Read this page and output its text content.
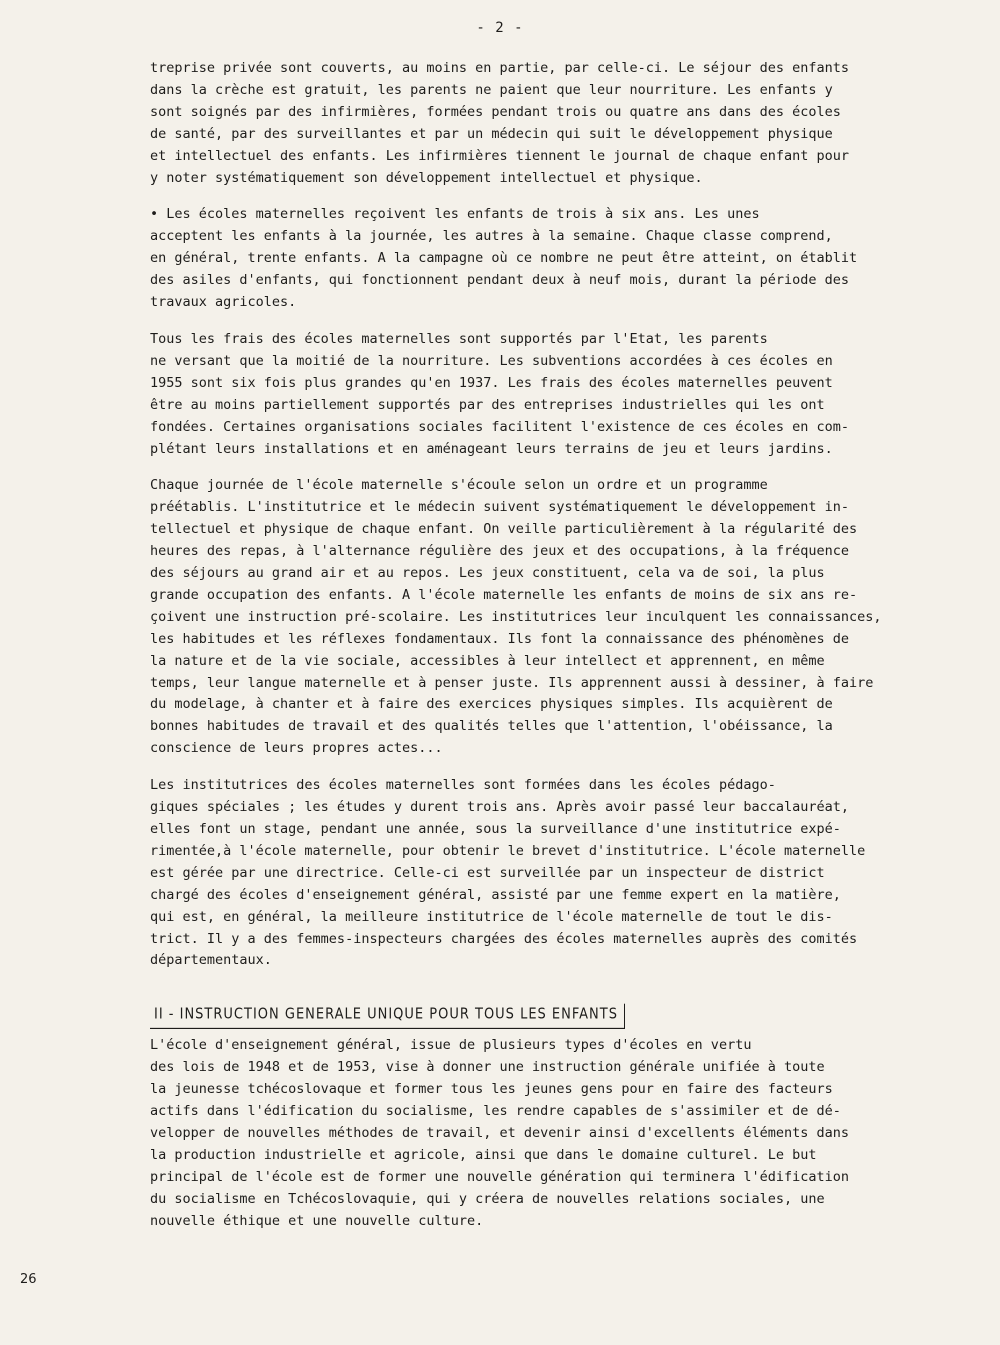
- 2 -

treprise privée sont couverts, au moins en partie, par celle-ci. Le séjour des enfants
dans la crèche est gratuit, les parents ne paient que leur nourriture. Les enfants y
sont soignés par des infirmières, formées pendant trois ou quatre ans dans des écoles
de santé, par des surveillantes et par un médecin qui suit le développement physique
et intellectuel des enfants. Les infirmières tiennent le journal de chaque enfant pour
y noter systématiquement son développement intellectuel et physique.

• Les écoles maternelles reçoivent les enfants de trois à six ans. Les unes
acceptent les enfants à la journée, les autres à la semaine. Chaque classe comprend,
en général, trente enfants. A la campagne où ce nombre ne peut être atteint, on établit
des asiles d'enfants, qui fonctionnent pendant deux à neuf mois, durant la période des
travaux agricoles.

Tous les frais des écoles maternelles sont supportés par l'Etat, les parents
ne versant que la moitié de la nourriture. Les subventions accordées à ces écoles en
1955 sont six fois plus grandes qu'en 1937. Les frais des écoles maternelles peuvent
être au moins partiellement supportés par des entreprises industrielles qui les ont
fondées. Certaines organisations sociales facilitent l'existence de ces écoles en com-
plétant leurs installations et en aménageant leurs terrains de jeu et leurs jardins.

Chaque journée de l'école maternelle s'écoule selon un ordre et un programme
préétablis. L'institutrice et le médecin suivent systématiquement le développement in-
tellectuel et physique de chaque enfant. On veille particulièrement à la régularité des
heures des repas, à l'alternance régulière des jeux et des occupations, à la fréquence
des séjours au grand air et au repos. Les jeux constituent, cela va de soi, la plus
grande occupation des enfants. A l'école maternelle les enfants de moins de six ans re-
çoivent une instruction pré-scolaire. Les institutrices leur inculquent les connaissances,
les habitudes et les réflexes fondamentaux. Ils font la connaissance des phénomènes de
la nature et de la vie sociale, accessibles à leur intellect et apprennent, en même
temps, leur langue maternelle et à penser juste. Ils apprennent aussi à dessiner, à faire
du modelage, à chanter et à faire des exercices physiques simples. Ils acquièrent de
bonnes habitudes de travail et des qualités telles que l'attention, l'obéissance, la
conscience de leurs propres actes...

Les institutrices des écoles maternelles sont formées dans les écoles pédago-
giques spéciales ; les études y durent trois ans. Après avoir passé leur baccalauréat,
elles font un stage, pendant une année, sous la surveillance d'une institutrice expé-
rimentée,à l'école maternelle, pour obtenir le brevet d'institutrice. L'école maternelle
est gérée par une directrice. Celle-ci est surveillée par un inspecteur de district
chargé des écoles d'enseignement général, assisté par une femme expert en la matière,
qui est, en général, la meilleure institutrice de l'école maternelle de tout le dis-
trict. Il y a des femmes-inspecteurs chargées des écoles maternelles auprès des comités
départementaux.

II - INSTRUCTION GENERALE UNIQUE POUR TOUS LES ENFANTS

L'école d'enseignement général, issue de plusieurs types d'écoles en vertu
des lois de 1948 et de 1953, vise à donner une instruction générale unifiée à toute
la jeunesse tchécoslovaque et former tous les jeunes gens pour en faire des facteurs
actifs dans l'édification du socialisme, les rendre capables de s'assimiler et de dé-
velopper de nouvelles méthodes de travail, et devenir ainsi d'excellents éléments dans
la production industrielle et agricole, ainsi que dans le domaine culturel. Le but
principal de l'école est de former une nouvelle génération qui terminera l'édification
du socialisme en Tchécoslovaquie, qui y créera de nouvelles relations sociales, une
nouvelle éthique et une nouvelle culture.

26
